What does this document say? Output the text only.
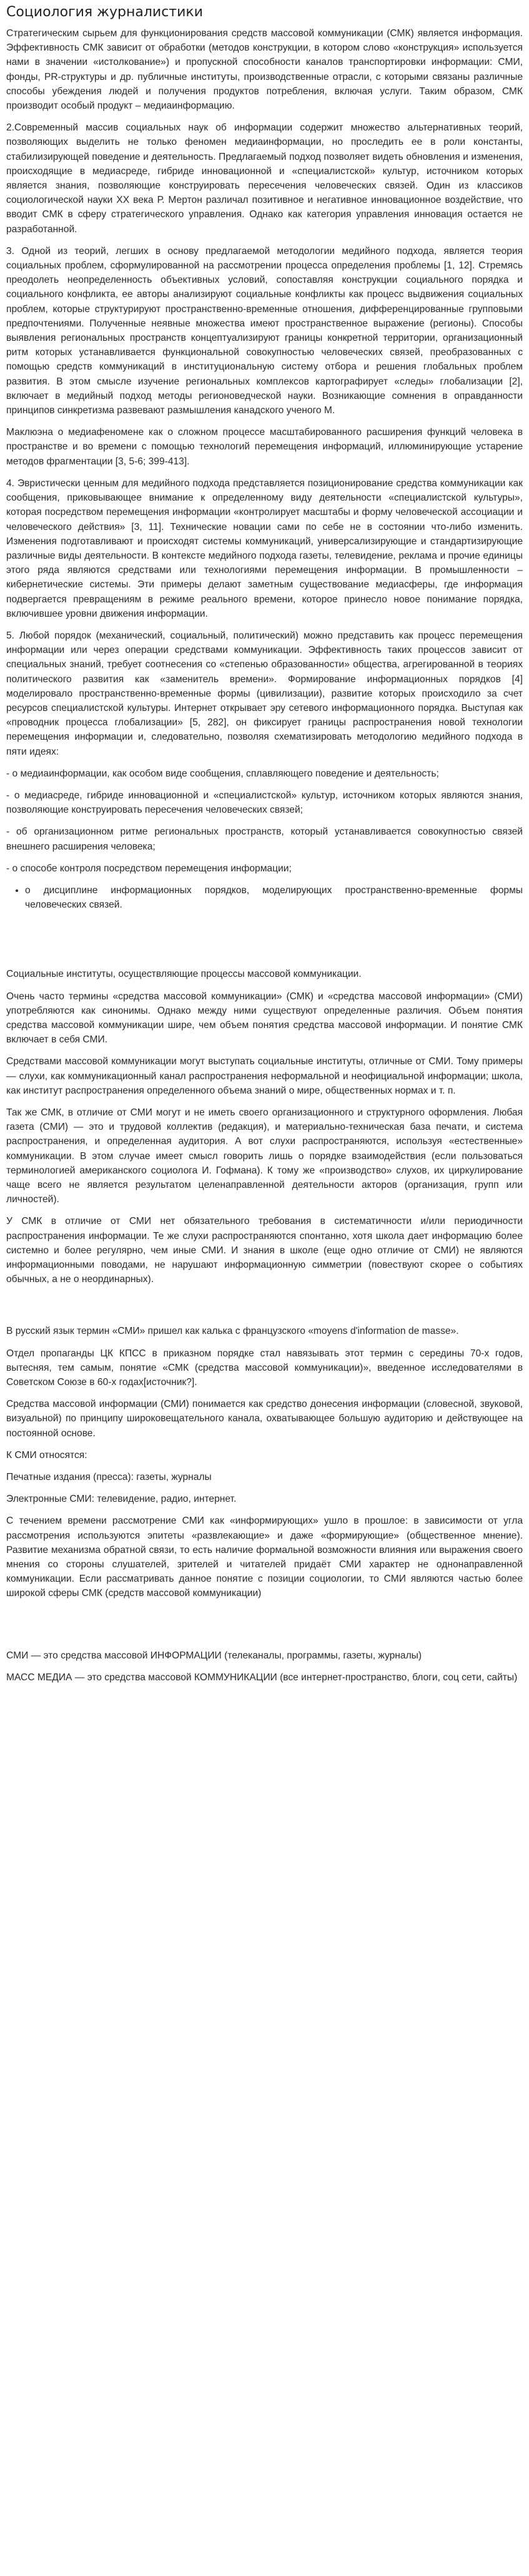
Социология журналистики

Стратегическим сырьем для функционирования средств массовой коммуникации (СМК) является информация. Эффективность СМК зависит от обработки (методов конструкции, в котором слово «конструкция» используется нами в значении «истолкование») и пропускной способности каналов транспортировки информации: СМИ, фонды, PR-структуры и др. публичные институты, производственные отрасли, с которыми связаны различные способы убеждения людей и получения продуктов потребления, включая услуги. Таким образом, СМК производит особый продукт – медиаинформацию.

2.Современный массив социальных наук об информации содержит множество альтернативных теорий, позволяющих выделить не только феномен медиаинформации, но проследить ее в роли константы, стабилизирующей поведение и деятельность. Предлагаемый подход позволяет видеть обновления и изменения, происходящие в медиасреде, гибриде инновационной и «специалистской» культур, источником которых является знания, позволяющие конструировать пересечения человеческих связей. Один из классиков социологической науки XX века Р. Мертон различал позитивное и негативное инновационное воздействие, что вводит СМК в сферу стратегического управления. Однако как категория управления инновация остается не разработанной.

3. Одной из теорий, легших в основу предлагаемой методологии медийного подхода, является теория социальных проблем, сформулированной на рассмотрении процесса определения проблемы [1, 12]. Стремясь преодолеть неопределенность объективных условий, сопоставляя конструкции социального порядка и социального конфликта, ее авторы анализируют социальные конфликты как процесс выдвижения социальных проблем, которые структурируют пространственно-временные отношения, дифференцированные групповыми предпочтениями. Полученные неявные множества имеют пространственное выражение (регионы). Способы выявления региональных пространств концептуализируют границы конкретной территории, организационный ритм которых устанавливается функциональной совокупностью человеческих связей, преобразованных с помощью средств коммуникаций в институциональную систему отбора и решения глобальных проблем развития. В этом смысле изучение региональных комплексов картографирует «следы» глобализации [2], включает в медийный подход методы регионоведческой науки. Возникающие сомнения в оправданности принципов синкретизма развевают размышления канадского ученого М.

Маклюэна о медиафеномене как о сложном процессе масштабированного расширения функций человека в пространстве и во времени с помощью технологий перемещения информаций, иллюминирующие устарение методов фрагментации [3, 5-6; 399-413].

4. Эвристически ценным для медийного подхода представляется позиционирование средства коммуникации как сообщения, приковывающее внимание к определенному виду деятельности «специалистской культуры», которая посредством перемещения информации «контролирует масштабы и форму человеческой ассоциации и человеческого действия» [3, 11]. Технические новации сами по себе не в состоянии что-либо изменить. Изменения подготавливают и происходят системы коммуникаций, универсализирующие и стандартизирующие различные виды деятельности. В контексте медийного подхода газеты, телевидение, реклама и прочие единицы этого ряда являются средствами или технологиями перемещения информации. В промышленности – кибернетические системы. Эти примеры делают заметным существование медиасферы, где информация подвергается превращениям в режиме реального времени, которое принесло новое понимание порядка, включившее уровни движения информации.

5. Любой порядок (механический, социальный, политический) можно представить как процесс перемещения информации или через операции средствами коммуникации. Эффективность таких процессов зависит от специальных знаний, требует соотнесения со «степенью образованности» общества, агрегированной в теориях политического развития как «заменитель времени». Формирование информационных порядков [4] моделировало пространственно-временные формы (цивилизации), развитие которых происходило за счет ресурсов специалистской культуры. Интернет открывает эру сетевого информационного порядка. Выступая как «проводник процесса глобализации» [5, 282], он фиксирует границы распространения новой технологии перемещения информации и, следовательно, позволяя схематизировать методологию медийного подхода в пяти идеях:

- о медиаинформации, как особом виде сообщения, сплавляющего поведение и деятельность;

- о медиасреде, гибриде инновационной и «специалистской» культур, источником которых являются знания, позволяющие конструировать пересечения человеческих связей;

- об организационном ритме региональных пространств, который устанавливается совокупностью связей внешнего расширения человека;

- о способе контроля посредством перемещения информации;

• о дисциплине информационных порядков, моделирующих пространственно-временные формы человеческих связей.

Социальные институты, осуществляющие процессы массовой коммуникации.

Очень часто термины «средства массовой коммуникации» (СМК) и «средства массовой информации» (СМИ) употребляются как синонимы. Однако между ними существуют определенные различия. Объем понятия средства массовой коммуникации шире, чем объем понятия средства массовой информации. И понятие СМК включает в себя СМИ.

Средствами массовой коммуникации могут выступать социальные институты, отличные от СМИ. Тому примеры — слухи, как коммуникационный канал распространения неформальной и неофициальной информации; школа, как институт распространения определенного объема знаний о мире, общественных нормах и т. п.

Так же СМК, в отличие от СМИ могут и не иметь своего организационного и структурного оформления. Любая газета (СМИ) — это и трудовой коллектив (редакция), и материально-техническая база печати, и система распространения, и определенная аудитория. А вот слухи распространяются, используя «естественные» коммуникации. В этом случае имеет смысл говорить лишь о порядке взаимодействия (если пользоваться терминологией американского социолога И. Гофмана). К тому же «производство» слухов, их циркулирование чаще всего не является результатом целенаправленной деятельности акторов (организация, групп или личностей).

У СМК в отличие от СМИ нет обязательного требования в систематичности и/или периодичности распространения информации. Те же слухи распространяются спонтанно, хотя школа дает информацию более системно и более регулярно, чем иные СМИ. И знания в школе (еще одно отличие от СМИ) не являются информационными поводами, не нарушают информационную симметрии (повествуют скорее о событиях обычных, а не о неординарных).

В русский язык термин «СМИ» пришел как калька с французского «moyens d'information de masse».

Отдел пропаганды ЦК КПСС в приказном порядке стал навязывать этот термин с середины 70-х годов, вытесняя, тем самым, понятие «СМК (средства массовой коммуникации)», введенное исследователями в Советском Союзе в 60-х годах[источник?].

Средства массовой информации (СМИ) понимается как средство донесения информации (словесной, звуковой, визуальной) по принципу широковещательного канала, охватывающее большую аудиторию и действующее на постоянной основе.

К СМИ относятся:

Печатные издания (пресса): газеты, журналы

Электронные СМИ: телевидение, радио, интернет.

С течением времени рассмотрение СМИ как «информирующих» ушло в прошлое: в зависимости от угла рассмотрения используются эпитеты «развлекающие» и даже «формирующие» (общественное мнение). Развитие механизма обратной связи, то есть наличие формальной возможности влияния или выражения своего мнения со стороны слушателей, зрителей и читателей придаёт СМИ характер не однонаправленной коммуникации. Если рассматривать данное понятие с позиции социологии, то СМИ являются частью более широкой сферы СМК (средств массовой коммуникации)

СМИ — это средства массовой ИНФОРМАЦИИ (телеканалы, программы, газеты, журналы)

МАСС МЕДИА — это средства массовой КОММУНИКАЦИИ (все интернет-пространство, блоги, соц сети, сайты)
